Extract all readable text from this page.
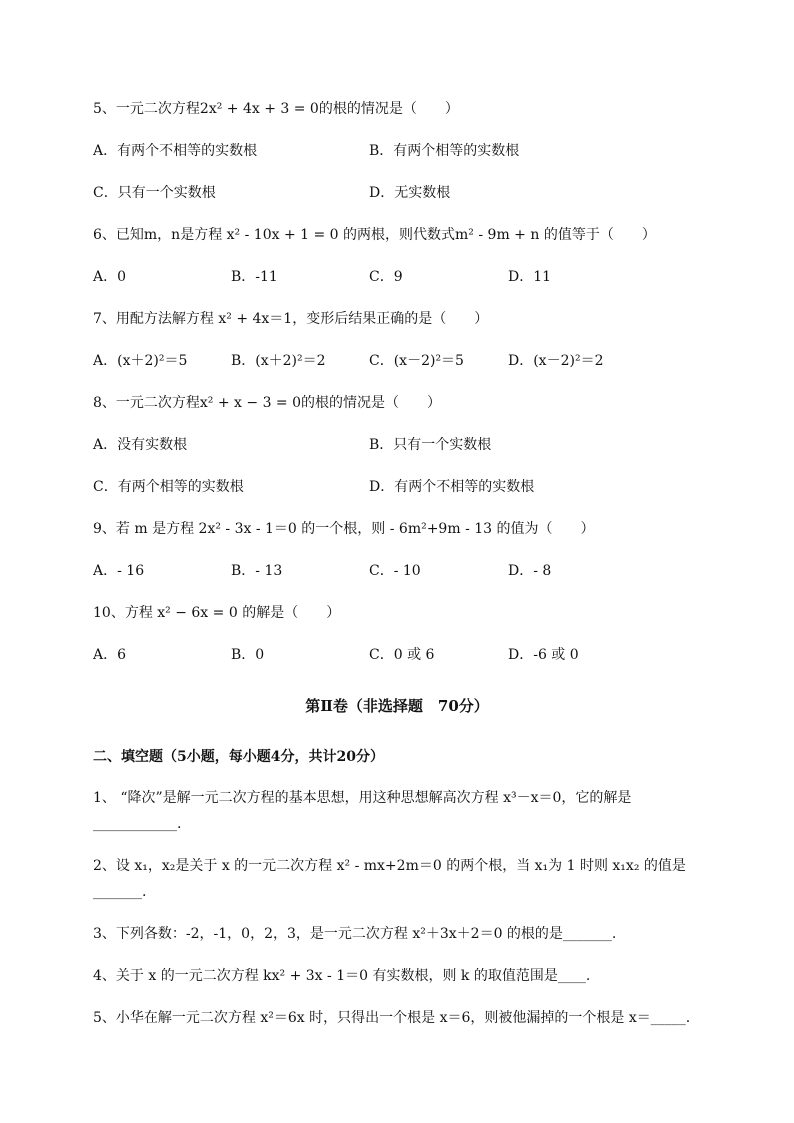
5、一元二次方程2x² + 4x + 3 = 0的根的情况是（　　）
A．有两个不相等的实数根	B．有两个相等的实数根
C．只有一个实数根	D．无实数根
6、已知m，n是方程 x² - 10x + 1 = 0 的两根，则代数式m² - 9m + n 的值等于（　　）
A．0	B．-11	C．9	D．11
7、用配方法解方程 x² + 4x＝1，变形后结果正确的是（　　）
A．(x＋2)²＝5	B．(x＋2)²＝2	C．(x－2)²＝5	D．(x－2)²＝2
8、一元二次方程x² + x − 3 = 0的根的情况是（　　）
A．没有实数根	B．只有一个实数根
C．有两个相等的实数根	D．有两个不相等的实数根
9、若 m 是方程 2x² - 3x - 1＝0 的一个根，则 - 6m²+9m - 13 的值为（　　）
A．- 16	B．- 13	C．- 10	D．- 8
10、方程 x² − 6x = 0 的解是（　　）
A．6	B．0	C．0 或 6	D．-6 或 0
第Ⅱ卷（非选择题　70分）
二、填空题（5小题，每小题4分，共计20分）
1、 “降次”是解一元二次方程的基本思想，用这种思想解高次方程 x³－x＝0，它的解是
____________.
2、设 x₁，x₂是关于 x 的一元二次方程 x² - mx+2m＝0 的两个根，当 x₁为 1 时则 x₁x₂ 的值是
_______.
3、下列各数：-2，-1，0，2，3，是一元二次方程 x²＋3x＋2＝0 的根的是_______.
4、关于 x 的一元二次方程 kx² + 3x - 1＝0 有实数根，则 k 的取值范围是____.
5、小华在解一元二次方程 x²＝6x 时，只得出一个根是 x＝6，则被他漏掉的一个根是 x＝_____.
